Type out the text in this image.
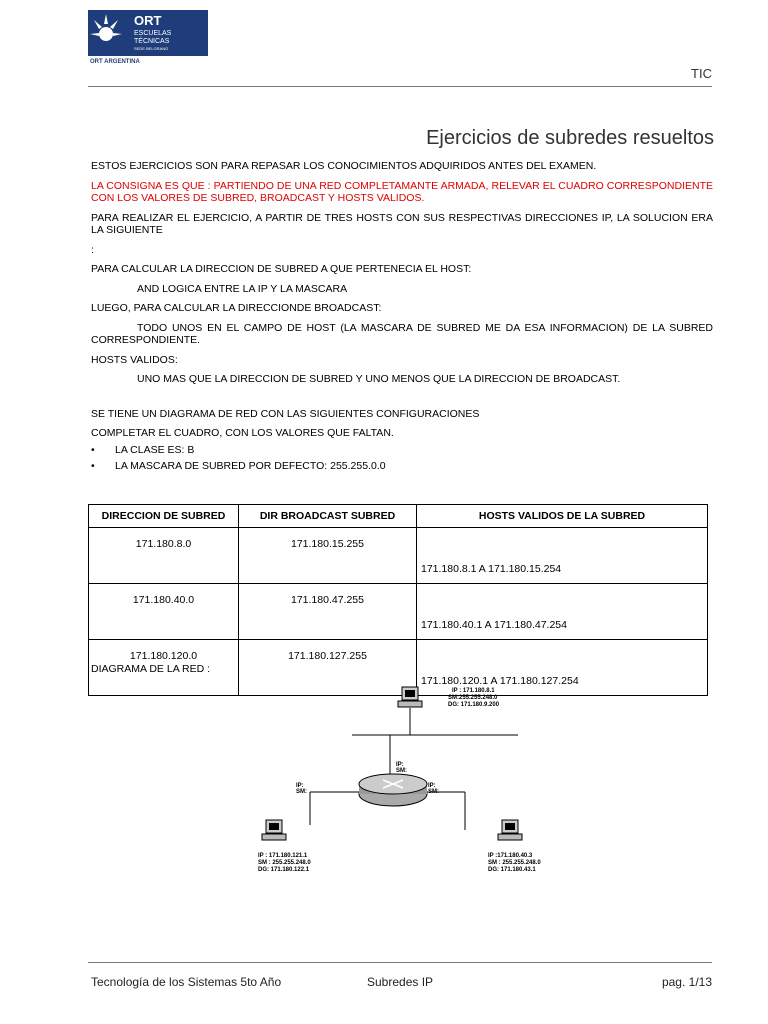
ORT
ESCUELAS
TÉCNICAS
SEDE BELGRANO
ORT ARGENTINA
TIC
Ejercicios de subredes resueltos

ESTOS EJERCICIOS SON PARA REPASAR LOS CONOCIMIENTOS ADQUIRIDOS ANTES DEL EXAMEN.

LA CONSIGNA ES QUE : PARTIENDO DE UNA RED COMPLETAMANTE ARMADA, RELEVAR EL CUADRO CORRESPONDIENTE CON LOS VALORES DE SUBRED, BROADCAST Y HOSTS VALIDOS.

PARA REALIZAR EL EJERCICIO, A PARTIR DE TRES HOSTS CON SUS RESPECTIVAS DIRECCIONES IP, LA SOLUCION ERA LA SIGUIENTE

:

PARA CALCULAR LA DIRECCION DE SUBRED A QUE PERTENECIA EL HOST:

AND LOGICA ENTRE LA IP Y LA MASCARA

LUEGO, PARA CALCULAR LA DIRECCIONDE BROADCAST:

TODO UNOS EN EL CAMPO DE HOST (LA MASCARA DE SUBRED ME DA ESA INFORMACION) DE LA SUBRED CORRESPONDIENTE.

HOSTS VALIDOS:

UNO MAS QUE LA DIRECCION DE SUBRED Y UNO MENOS QUE LA DIRECCION DE BROADCAST.

SE TIENE UN DIAGRAMA DE RED CON LAS SIGUIENTES CONFIGURACIONES

COMPLETAR EL CUADRO, CON LOS VALORES QUE FALTAN.

• LA CLASE ES: B
• LA MASCARA DE SUBRED POR DEFECTO: 255.255.0.0
DIRECCION DE SUBRED	DIR BROADCAST SUBRED	HOSTS VALIDOS DE LA SUBRED
171.180.8.0	171.180.15.255	171.180.8.1 A 171.180.15.254
171.180.40.0	171.180.47.255	171.180.40.1 A 171.180.47.254
171.180.120.0	171.180.127.255	171.180.120.1 A 171.180.127.254
DIAGRAMA DE LA RED :
IP : 171.180.8.1
SM:255.255.248.0
DG: 171.180.9.200
IP:
SM:
IP:
SM:
IP:
SM:
IP : 171.180.121.1
SM : 255.255.248.0
DG: 171.180.122.1
IP :171.180.40.3
SM : 255.255.248.0
DG: 171.180.43.1
Tecnología de los Sistemas 5to Año	Subredes IP	pag. 1/13
